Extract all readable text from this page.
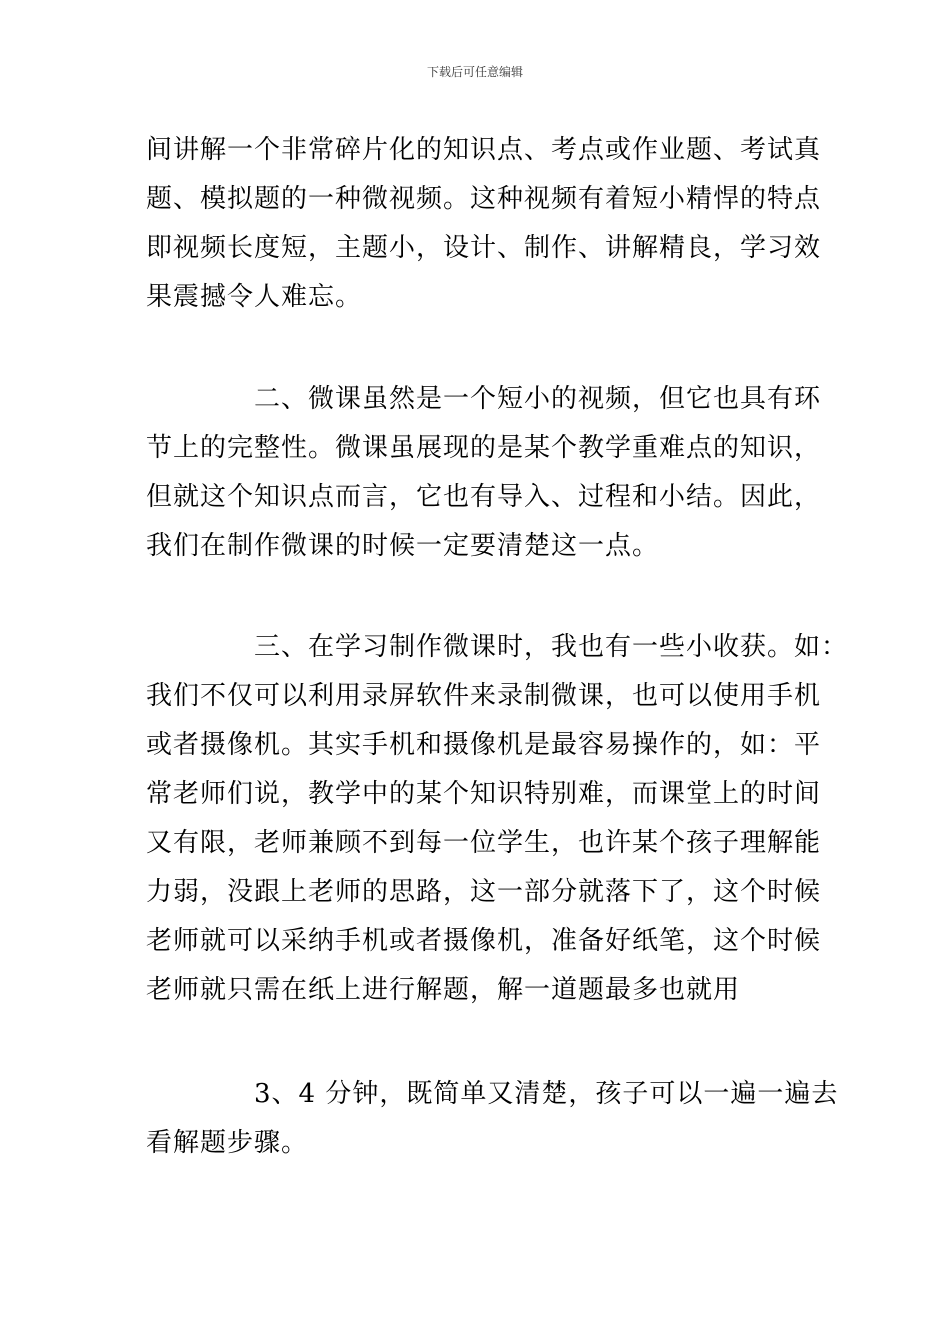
下载后可任意编辑
间讲解一个非常碎片化的知识点、考点或作业题、考试真
题、模拟题的一种微视频。这种视频有着短小精悍的特点
即视频长度短，主题小，设计、制作、讲解精良，学习效
果震撼令人难忘。
二、微课虽然是一个短小的视频，但它也具有环
节上的完整性。微课虽展现的是某个教学重难点的知识，
但就这个知识点而言，它也有导入、过程和小结。因此，
我们在制作微课的时候一定要清楚这一点。
三、在学习制作微课时，我也有一些小收获。如：
我们不仅可以利用录屏软件来录制微课，也可以使用手机
或者摄像机。其实手机和摄像机是最容易操作的，如：平
常老师们说，教学中的某个知识特别难，而课堂上的时间
又有限，老师兼顾不到每一位学生，也许某个孩子理解能
力弱，没跟上老师的思路，这一部分就落下了，这个时候
老师就可以采纳手机或者摄像机，准备好纸笔，这个时候
老师就只需在纸上进行解题，解一道题最多也就用
3、4 分钟，既简单又清楚，孩子可以一遍一遍去
看解题步骤。
